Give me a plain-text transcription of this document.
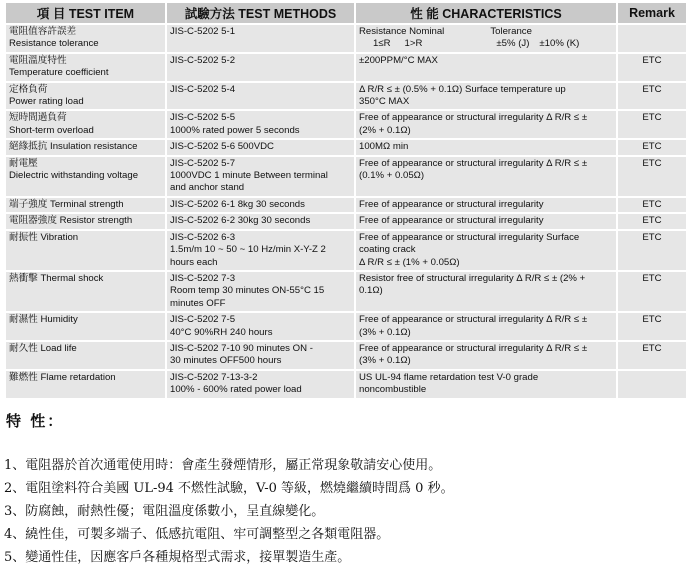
項 目 TEST ITEM	試驗方法 TEST METHODS	性 能 CHARACTERISTICS	Remark

電阻值容許誤差
Resistance tolerance	JIS-C-5202 5-1	Resistance Nominal Tolerance
1≤R 1>R ±5% (J) ±10% (K)	

電阻溫度特性
Temperature coefficient	JIS-C-5202 5-2	±200PPM/°C MAX	ETC

定格負荷
Power rating load	JIS-C-5202 5-4	Δ R/R ≤ ± (0.5% + 0.1Ω) Surface temperature up
350°C MAX	ETC

短時間過負荷
Short-term overload	JIS-C-5202 5-5
1000% rated power 5 seconds	Free of appearance or structural irregularity Δ R/R ≤ ±
(2% + 0.1Ω)	ETC

絕緣抵抗 Insulation resistance	JIS-C-5202 5-6 500VDC	100MΩ min	ETC

耐電壓
Dielectric withstanding voltage	JIS-C-5202 5-7
1000VDC 1 minute Between terminal
and anchor stand	Free of appearance or structural irregularity Δ R/R ≤ ±
(0.1% + 0.05Ω)	ETC

端子強度 Terminal strength	JIS-C-5202 6-1 8kg 30 seconds	Free of appearance or structural irregularity	ETC

電阻器強度 Resistor strength	JIS-C-5202 6-2 30kg 30 seconds	Free of appearance or structural irregularity	ETC

耐振性 Vibration	JIS-C-5202 6-3
1.5m/m 10 ~ 50 ~ 10 Hz/min X-Y-Z 2
hours each	Free of appearance or structural irregularity Surface
coating crack
Δ R/R ≤ ± (1% + 0.05Ω)	ETC

熱衝擊 Thermal shock	JIS-C-5202 7-3
Room temp 30 minutes ON-55°C 15
minutes OFF	Resistor free of structural irregularity Δ R/R ≤ ± (2% +
0.1Ω)	ETC

耐濕性 Humidity	JIS-C-5202 7-5
40°C 90%RH 240 hours	Free of appearance or structural irregularity Δ R/R ≤ ±
(3% + 0.1Ω)	ETC

耐久性 Load life	JIS-C-5202 7-10 90 minutes ON -
30 minutes OFF500 hours	Free of appearance or structural irregularity Δ R/R ≤ ±
(3% + 0.1Ω)	ETC

難燃性 Flame retardation	JIS-C-5202 7-13-3-2
100% - 600% rated power load	US UL-94 flame retardation test V-0 grade
noncombustible	

特 性：
1、電阻器於首次通電使用時：會產生發煙情形，屬正常現象敬請安心使用。
2、電阻塗料符合美國 UL-94 不燃性試驗，V-0 等級，燃燒繼續時間爲 0 秒。
3、防腐蝕，耐熱性優；電阻溫度係數小，呈直線變化。
4、繞性佳，可製多端子、低感抗電阻、牢可調整型之各類電阻器。
5、變通性佳，因應客戶各種規格型式需求，接單製造生產。
